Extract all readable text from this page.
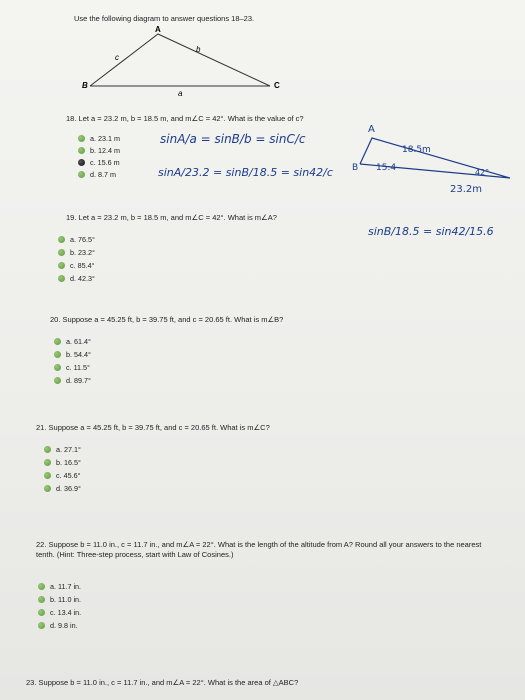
Use the following diagram to answer questions 18–23.
A
B	C
b
c
a
18. Let a = 23.2 m, b = 18.5 m, and m∠C = 42°. What is the value of c?
a. 23.1 m
b. 12.4 m
c. 15.6 m
d. 8.7 m
sinA/a = sinB/b = sinC/c
sinA/23.2 = sinB/18.5 = sin42/c
A
18.5m
15.4
B	42°
23.2m
19. Let a = 23.2 m, b = 18.5 m, and m∠C = 42°. What is m∠A?
a. 76.5°
b. 23.2°
c. 85.4°
d. 42.3°
sinB/18.5 = sin42/15.6
20. Suppose a = 45.25 ft, b = 39.75 ft, and c = 20.65 ft. What is m∠B?
a. 61.4°
b. 54.4°
c. 11.5°
d. 89.7°
21. Suppose a = 45.25 ft, b = 39.75 ft, and c = 20.65 ft. What is m∠C?
a. 27.1°
b. 16.5°
c. 45.6°
d. 36.9°
22. Suppose b = 11.0 in., c = 11.7 in., and m∠A = 22°. What is the length of the altitude from A? Round all your answers to the nearest tenth. (Hint: Three-step process, start with Law of Cosines.)
a. 11.7 in.
b. 11.0 in.
c. 13.4 in.
d. 9.8 in.
23. Suppose b = 11.0 in., c = 11.7 in., and m∠A = 22°. What is the area of △ABC?
